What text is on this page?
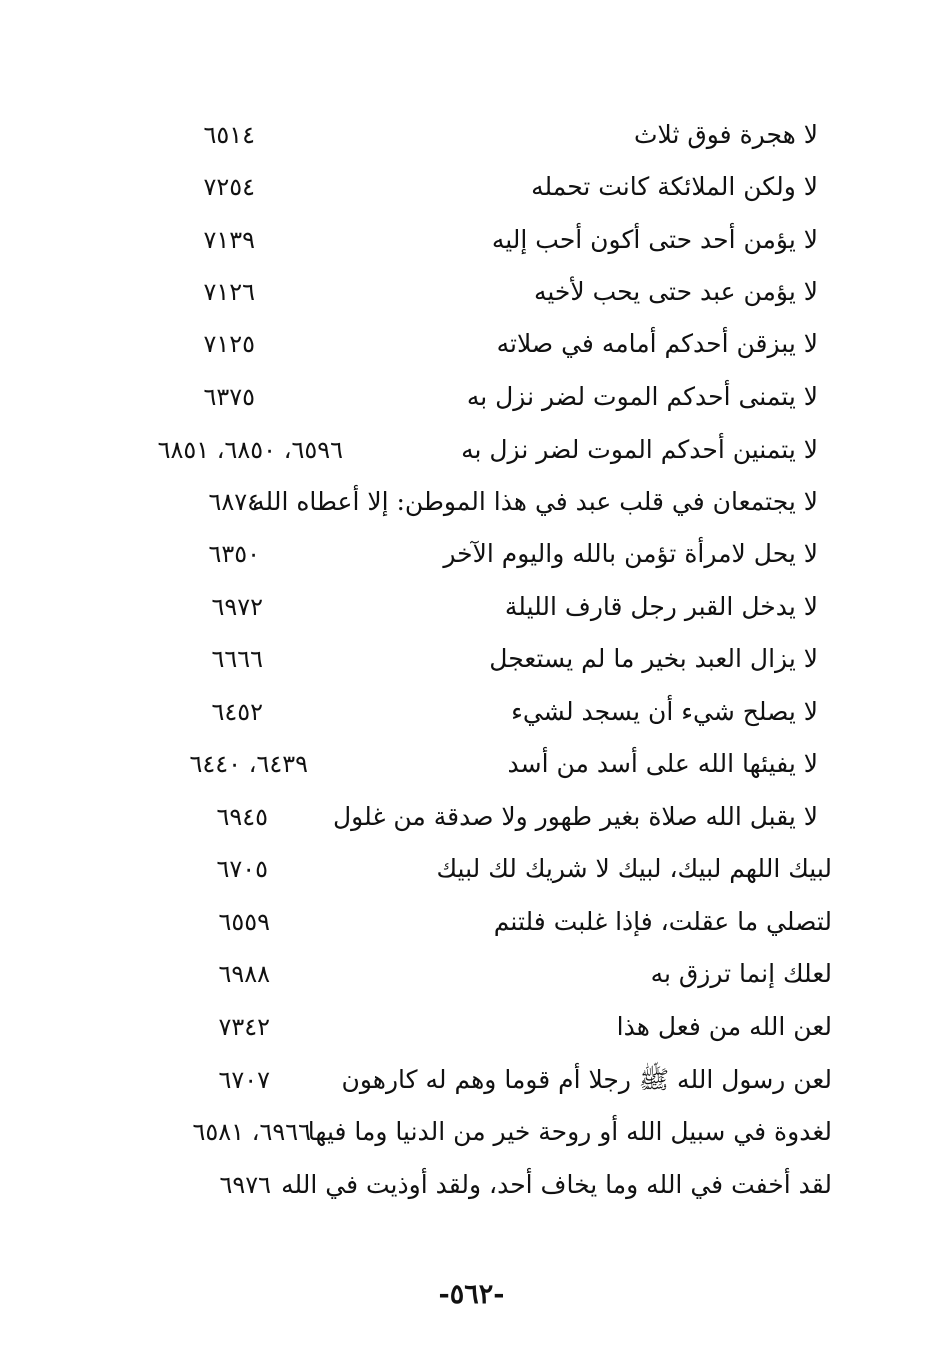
لا هجرة فوق ثلاث
٦٥١٤
لا ولكن الملائكة كانت تحمله
٧٢٥٤
لا يؤمن أحد حتى أكون أحب إليه
٧١٣٩
لا يؤمن عبد حتى يحب لأخيه
٧١٢٦
لا يبزقن أحدكم أمامه في صلاته
٧١٢٥
لا يتمنى أحدكم الموت لضر نزل به
٦٣٧٥
لا يتمنين أحدكم الموت لضر نزل به
٦٥٩٦، ٦٨٥٠، ٦٨٥١
لا يجتمعان في قلب عبد في هذا الموطن: إلا أعطاه الله
٦٨٧٤
لا يحل لامرأة تؤمن بالله واليوم الآخر
٦٣٥٠
لا يدخل القبر رجل قارف الليلة
٦٩٧٢
لا يزال العبد بخير ما لم يستعجل
٦٦٦٦
لا يصلح شيء أن يسجد لشيء
٦٤٥٢
لا يفيئها الله على أسد من أسد
٦٤٣٩، ٦٤٤٠
لا يقبل الله صلاة بغير طهور ولا صدقة من غلول
٦٩٤٥
لبيك اللهم لبيك، لبيك لا شريك لك لبيك
٦٧٠٥
لتصلي ما عقلت، فإذا غلبت فلتنم
٦٥٥٩
لعلك إنما ترزق به
٦٩٨٨
لعن الله من فعل هذا
٧٣٤٢
لعن رسول الله ﷺ رجلا أم قوما وهم له كارهون
٦٧٠٧
لغدوة في سبيل الله أو روحة خير من الدنيا وما فيها
٦٩٦٦، ٦٥٨١
لقد أخفت في الله وما يخاف أحد، ولقد أوذيت في الله
٦٩٧٦
-٥٦٢-
